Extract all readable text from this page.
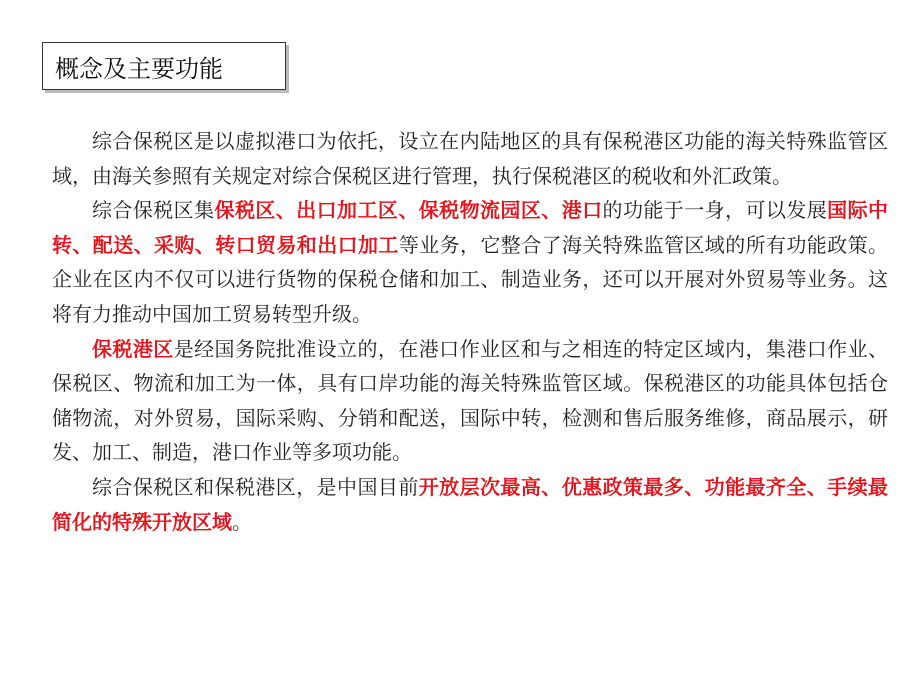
概念及主要功能

综合保税区是以虚拟港口为依托，设立在内陆地区的具有保税港区功能的海关特殊监管区域，由海关参照有关规定对综合保税区进行管理，执行保税港区的税收和外汇政策。

综合保税区集保税区、出口加工区、保税物流园区、港口的功能于一身，可以发展国际中转、配送、采购、转口贸易和出口加工等业务，它整合了海关特殊监管区域的所有功能政策。企业在区内不仅可以进行货物的保税仓储和加工、制造业务，还可以开展对外贸易等业务。这将有力推动中国加工贸易转型升级。

保税港区是经国务院批准设立的，在港口作业区和与之相连的特定区域内，集港口作业、保税区、物流和加工为一体，具有口岸功能的海关特殊监管区域。保税港区的功能具体包括仓储物流，对外贸易，国际采购、分销和配送，国际中转，检测和售后服务维修，商品展示，研发、加工、制造，港口作业等多项功能。

综合保税区和保税港区，是中国目前开放层次最高、优惠政策最多、功能最齐全、手续最简化的特殊开放区域。
